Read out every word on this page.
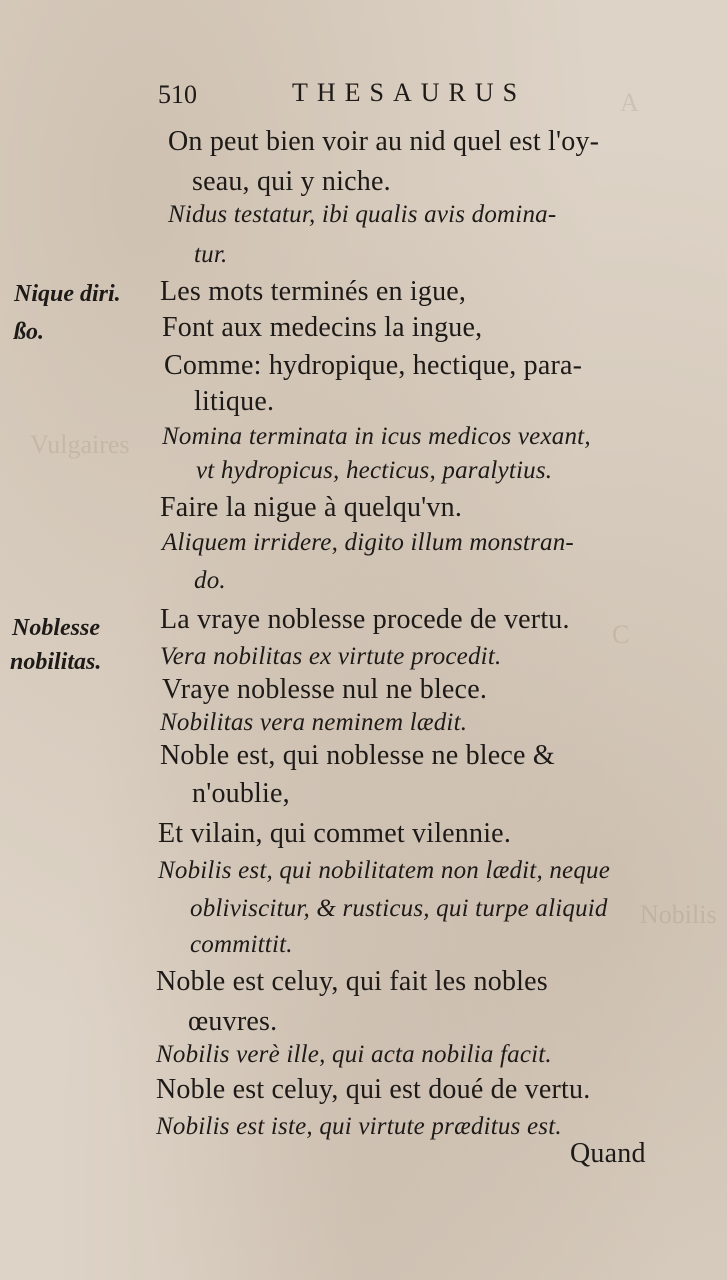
A
Vulgaires
C
Nobilis
510	THESAURUS
Nique diri.
ßo.
Noblesse
nobilitas.
On peut bien voir au nid quel est l'oy-
seau, qui y niche.
Nidus testatur, ibi qualis avis domina-
tur.
Les mots terminés en igue,
Font aux medecins la ingue,
Comme: hydropique, hectique, para-
litique.
Nomina terminata in icus medicos vexant,
vt hydropicus, hecticus, paralytius.
Faire la nigue à quelqu'vn.
Aliquem irridere, digito illum monstran-
do.
La vraye noblesse procede de vertu.
Vera nobilitas ex virtute procedit.
Vraye noblesse nul ne blece.
Nobilitas vera neminem lædit.
Noble est, qui noblesse ne blece &
n'oublie,
Et vilain, qui commet vilennie.
Nobilis est, qui nobilitatem non lædit, neque
obliviscitur, & rusticus, qui turpe aliquid
committit.
Noble est celuy, qui fait les nobles
œuvres.
Nobilis verè ille, qui acta nobilia facit.
Noble est celuy, qui est doué de vertu.
Nobilis est iste, qui virtute præditus est.
Quand
